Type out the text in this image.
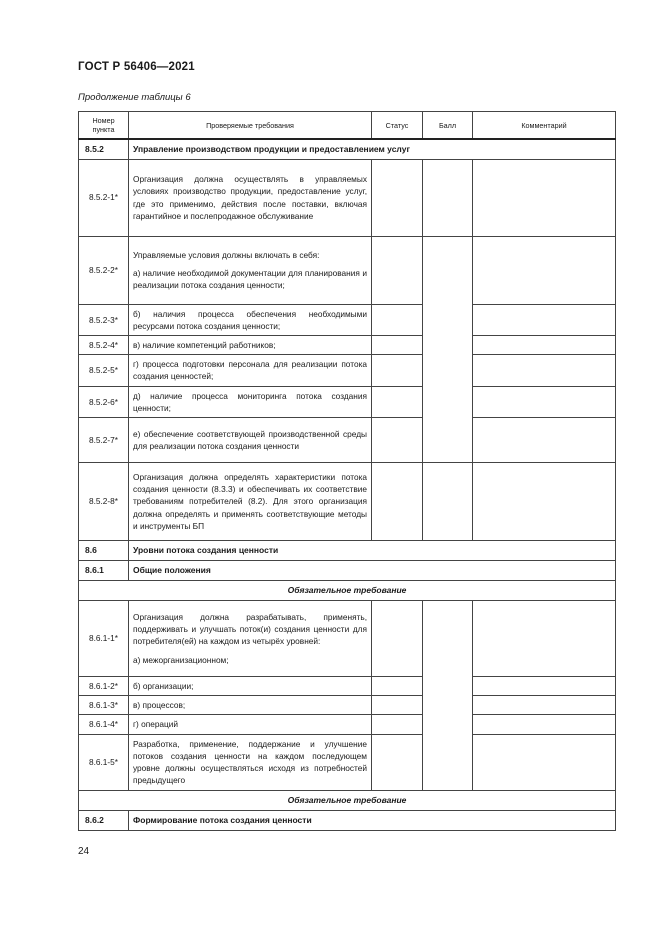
ГОСТ Р 56406—2021
Продолжение таблицы 6
Номер пункта	Проверяемые требования	Статус	Балл	Комментарий
8.5.2	Управление производством продукции и предоставлением услуг			
8.5.2-1*	Организация должна осуществлять в управляемых условиях производство продукции, предоставление услуг, где это применимо, действия после поставки, включая гарантийное и послепродажное обслуживание			
8.5.2-2*	Управляемые условия должны включать в себя:
а) наличие необходимой документации для планирования и реализации потока создания ценности;			

8.5.2-3*	б) наличия процесса обеспечения необходимыми ресурсами потока создания ценности;			
8.5.2-4*	в) наличие компетенций работников;			
8.5.2-5*	г) процесса подготовки персонала для реализации потока создания ценностей;			
8.5.2-6*	д) наличие процесса мониторинга потока создания ценности;			
8.5.2-7*	е) обеспечение соответствующей производственной среды для реализации потока создания ценности			
8.5.2-8*	Организация должна определять характеристики потока создания ценности (8.3.3) и обеспечивать их соответствие требованиям потребителей (8.2). Для этого организация должна определять и применять соответствующие методы и инструменты БП			
8.6	Уровни потока создания ценности			
8.6.1	Общие положения			
Обязательное требование				
8.6.1-1*	Организация должна разрабатывать, применять, поддерживать и улучшать поток(и) создания ценности для потребителя(ей) на каждом из четырёх уровней:
а) межорганизационном;			

8.6.1-2*	б) организации;			
8.6.1-3*	в) процессов;			
8.6.1-4*	г) операций			
8.6.1-5*	Разработка, применение, поддержание и улучшение потоков создания ценности на каждом последующем уровне должны осуществляться исходя из потребностей предыдущего			
Обязательное требование				
8.6.2	Формирование потока создания ценности			
24
